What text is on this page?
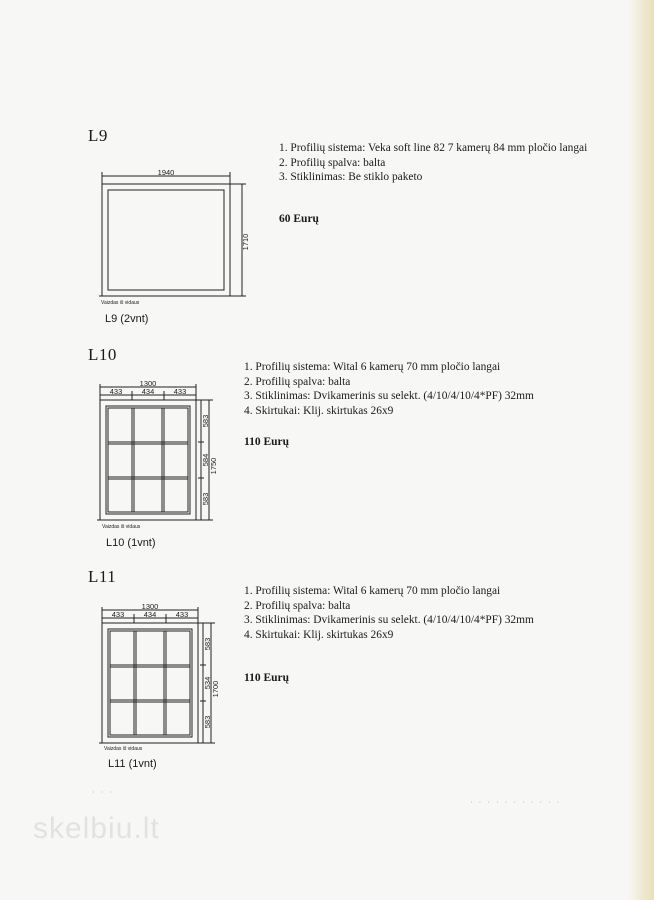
L9
1940
1710
Vaizdas iš vidaus
L9 (2vnt)

1. Profilių sistema: Veka soft line 82 7 kamerų 84 mm pločio langai

2. Profilių spalva: balta

3. Stiklinimas: Be stiklo paketo

60 Eurų
L10
1300
433	434	433
583
584
583
1750
Vaizdas iš vidaus
L10 (1vnt)

1. Profilių sistema: Wital 6 kamerų 70 mm pločio langai

2. Profilių spalva: balta

3. Stiklinimas: Dvikamerinis su selekt. (4/10/4/10/4*PF) 32mm

4. Skirtukai: Klij. skirtukas 26x9

110 Eurų
L11
1300
433	434	433
583
534
583
1700
Vaizdas iš vidaus
L11 (1vnt)

1. Profilių sistema: Wital 6 kamerų 70 mm pločio langai

2. Profilių spalva: balta

3. Stiklinimas: Dvikamerinis su selekt. (4/10/4/10/4*PF) 32mm

4. Skirtukai: Klij. skirtukas 26x9

110 Eurų
· · ·
· · · · · · · · · · ·
skelbiu.lt
